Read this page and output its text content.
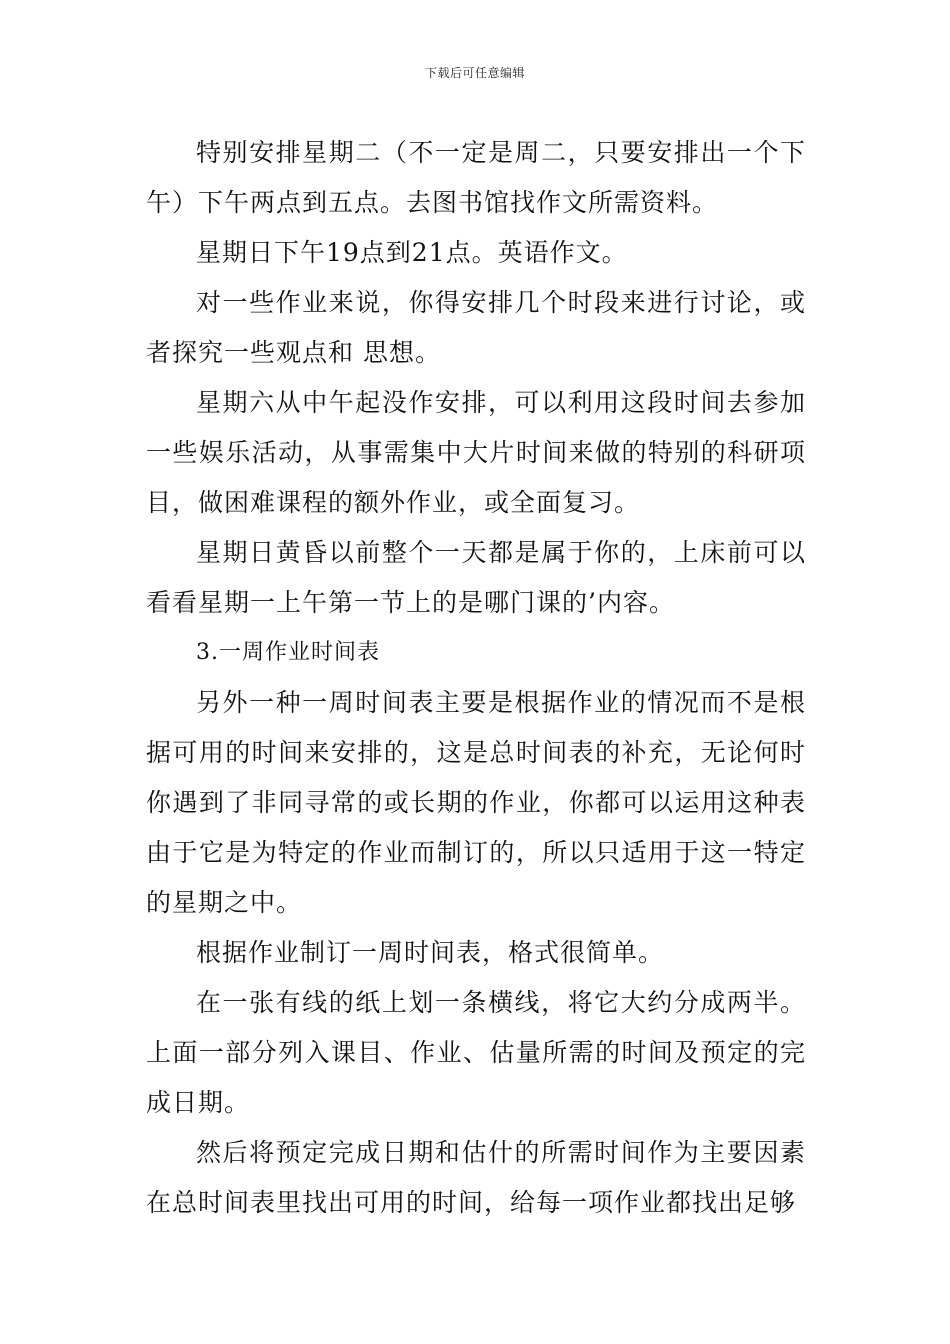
下载后可任意编辑

特别安排星期二（不一定是周二，只要安排出一个下午）下午两点到五点。去图书馆找作文所需资料。

星期日下午19点到21点。英语作文。

对一些作业来说，你得安排几个时段来进行讨论，或者探究一些观点和 思想。

星期六从中午起没作安排，可以利用这段时间去参加一些娱乐活动，从事需集中大片时间来做的特别的科研项目，做困难课程的额外作业，或全面复习。

星期日黄昏以前整个一天都是属于你的，上床前可以看看星期一上午第一节上的是哪门课的’内容。

3.一周作业时间表

另外一种一周时间表主要是根据作业的情况而不是根据可用的时间来安排的，这是总时间表的补充，无论何时你遇到了非同寻常的或长期的作业，你都可以运用这种表由于它是为特定的作业而制订的，所以只适用于这一特定的星期之中。

根据作业制订一周时间表，格式很简单。

在一张有线的纸上划一条横线，将它大约分成两半。上面一部分列入课目、作业、估量所需的时间及预定的完成日期。

然后将预定完成日期和估什的所需时间作为主要因素在总时间表里找出可用的时间，给每一项作业都找出足够
